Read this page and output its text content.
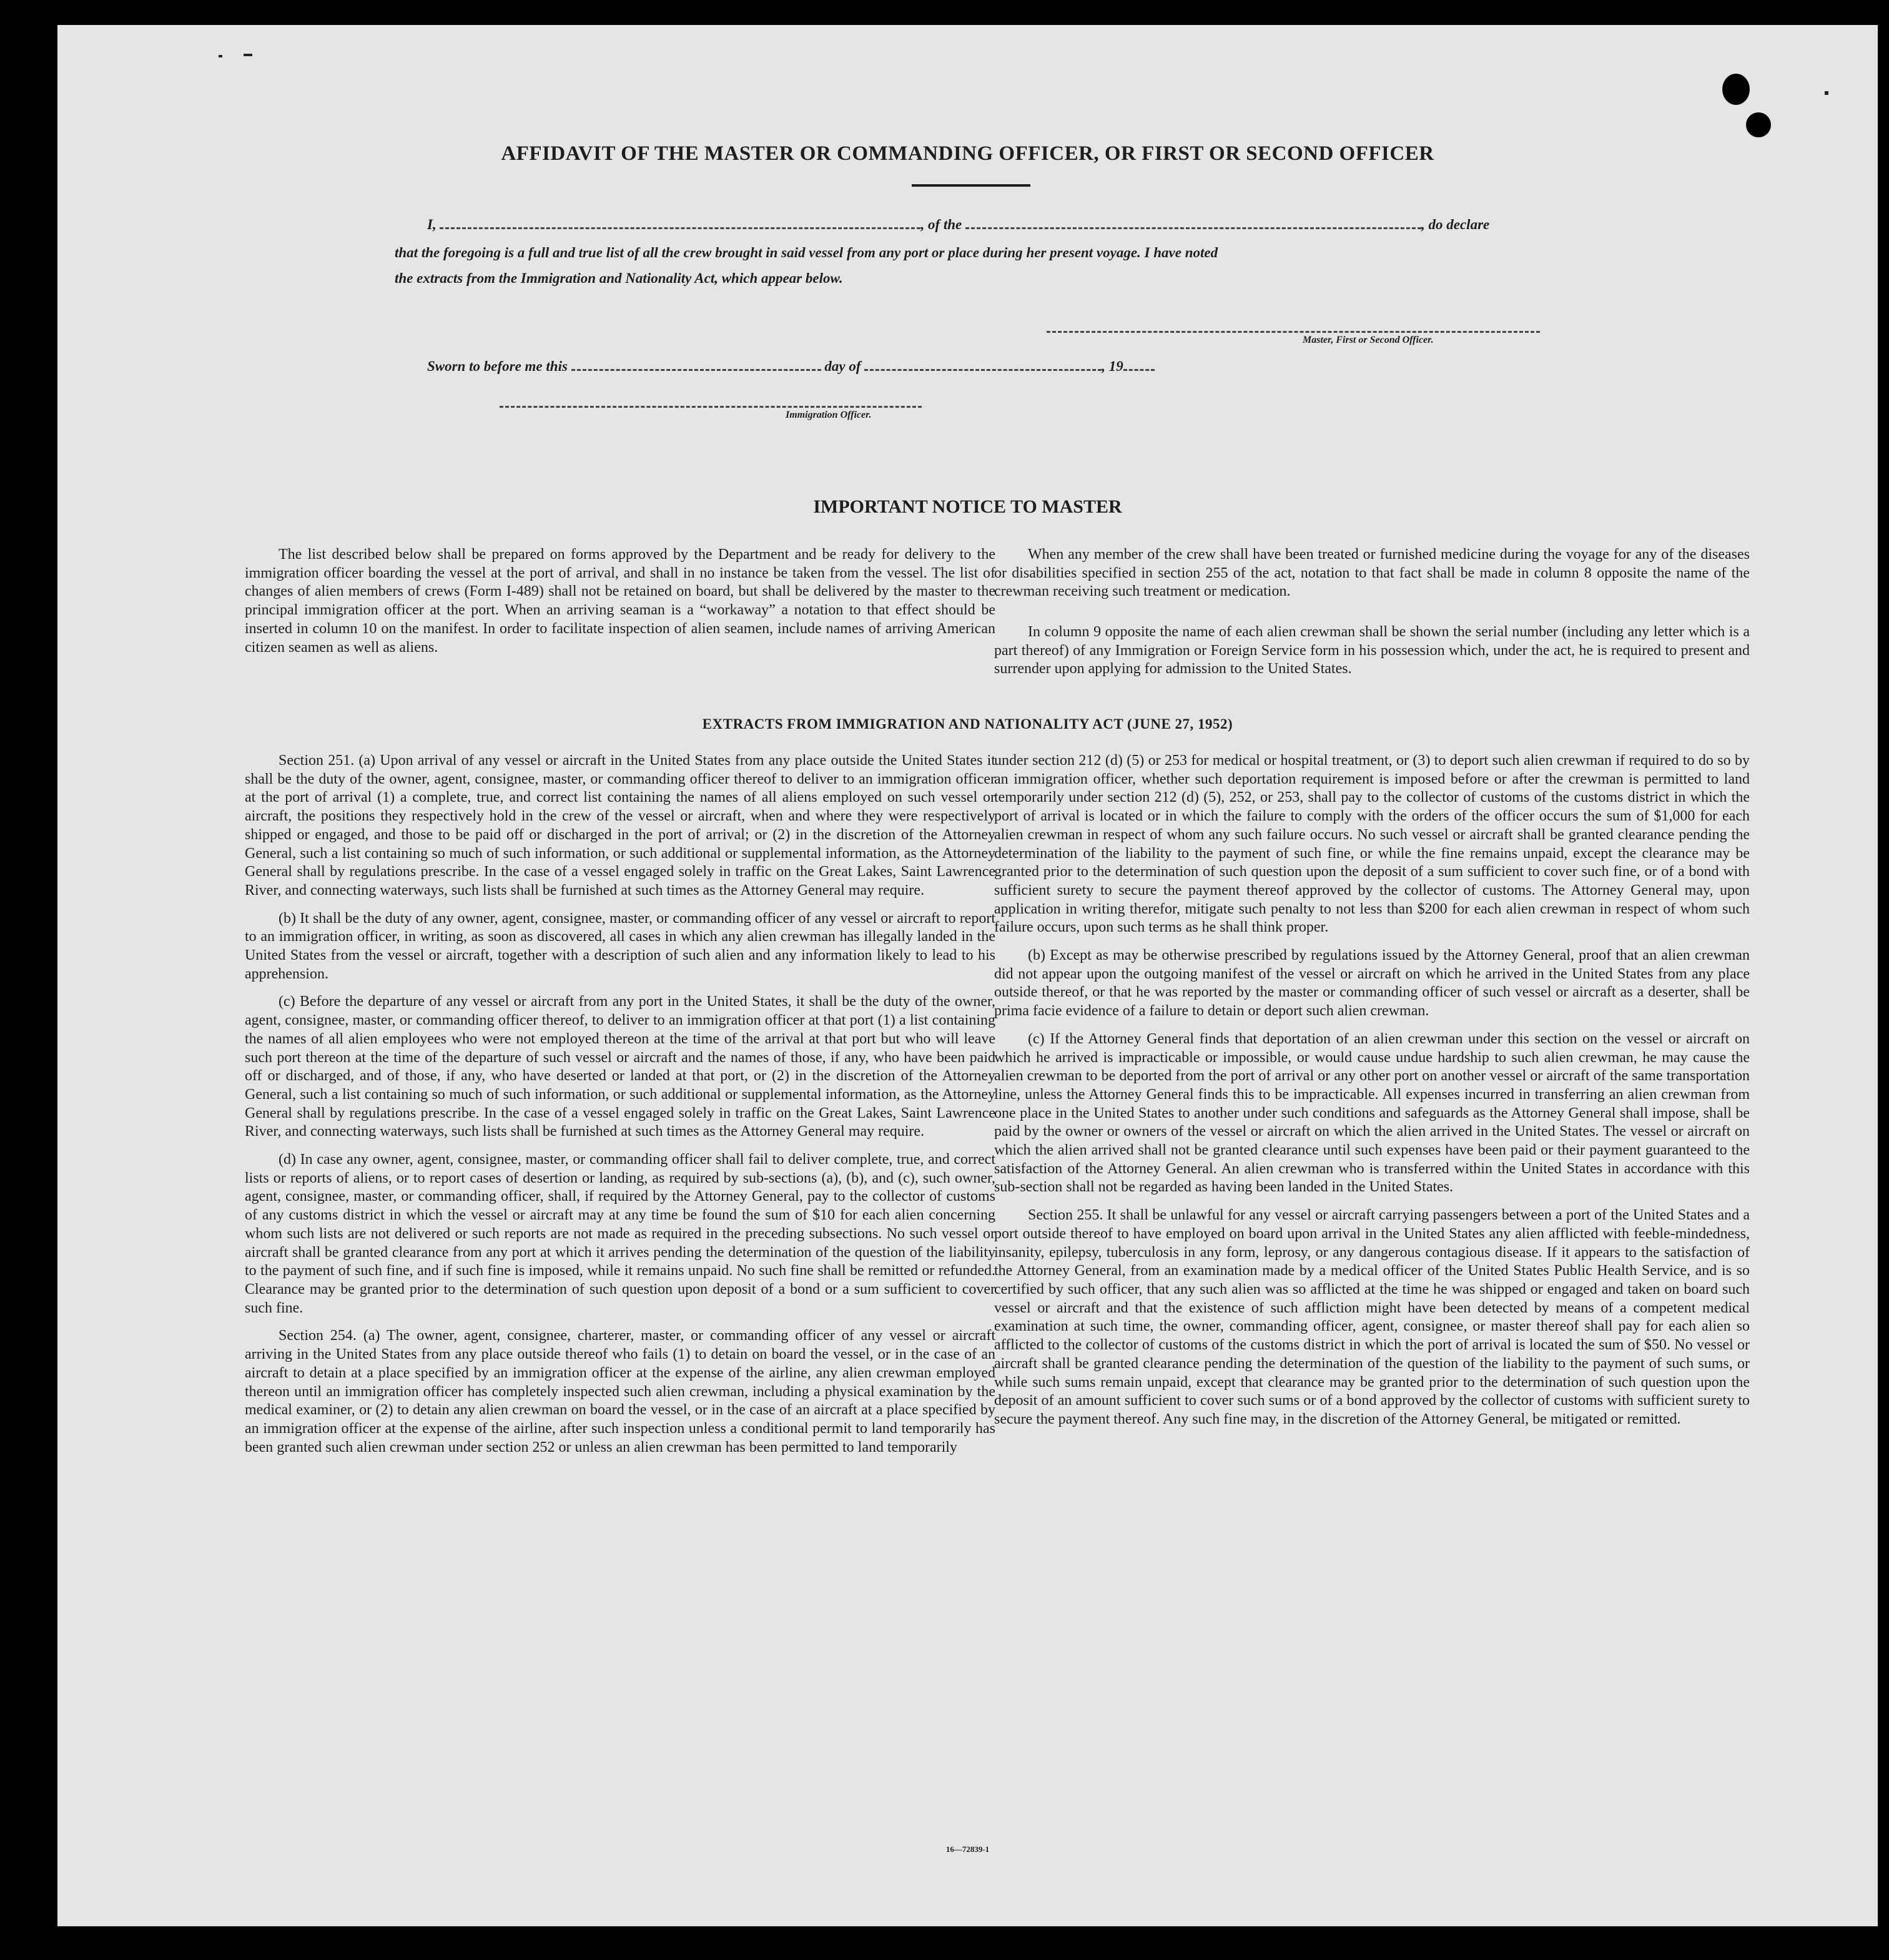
AFFIDAVIT OF THE MASTER OR COMMANDING OFFICER, OR FIRST OR SECOND OFFICER
I,	, of the	, do declare
that the foregoing is a full and true list of all the crew brought in said vessel from any port or place during her present voyage. I have noted
the extracts from the Immigration and Nationality Act, which appear below.
Master, First or Second Officer.
Sworn to before me this	day of	, 19
Immigration Officer.
IMPORTANT NOTICE TO MASTER

The list described below shall be prepared on forms approved by the Department and be ready for delivery to the immigration officer boarding the vessel at the port of arrival, and shall in no instance be taken from the vessel. The list of changes of alien members of crews (Form I-489) shall not be retained on board, but shall be delivered by the master to the principal immigration officer at the port. When an arriving seaman is a “workaway” a notation to that effect should be inserted in column 10 on the manifest. In order to facilitate inspection of alien seamen, include names of arriving American citizen seamen as well as aliens.

When any member of the crew shall have been treated or furnished medicine during the voyage for any of the diseases or disabilities specified in section 255 of the act, notation to that fact shall be made in column 8 opposite the name of the crewman receiving such treatment or medication.

In column 9 opposite the name of each alien crewman shall be shown the serial number (including any letter which is a part thereof) of any Immigration or Foreign Service form in his possession which, under the act, he is required to present and surrender upon applying for admission to the United States.

EXTRACTS FROM IMMIGRATION AND NATIONALITY ACT (JUNE 27, 1952)

Section 251. (a) Upon arrival of any vessel or aircraft in the United States from any place outside the United States it shall be the duty of the owner, agent, consignee, master, or commanding officer thereof to deliver to an immigration officer at the port of arrival (1) a complete, true, and correct list containing the names of all aliens employed on such vessel or aircraft, the positions they respectively hold in the crew of the vessel or aircraft, when and where they were respectively shipped or engaged, and those to be paid off or discharged in the port of arrival; or (2) in the discretion of the Attorney General, such a list containing so much of such information, or such additional or supplemental information, as the Attorney General shall by regulations prescribe. In the case of a vessel engaged solely in traffic on the Great Lakes, Saint Lawrence River, and connecting waterways, such lists shall be furnished at such times as the Attorney General may require.

(b) It shall be the duty of any owner, agent, consignee, master, or commanding officer of any vessel or aircraft to report to an immigration officer, in writing, as soon as discovered, all cases in which any alien crewman has illegally landed in the United States from the vessel or aircraft, together with a description of such alien and any information likely to lead to his apprehension.

(c) Before the departure of any vessel or aircraft from any port in the United States, it shall be the duty of the owner, agent, consignee, master, or commanding officer thereof, to deliver to an immigration officer at that port (1) a list containing the names of all alien employees who were not employed thereon at the time of the arrival at that port but who will leave such port thereon at the time of the departure of such vessel or aircraft and the names of those, if any, who have been paid off or discharged, and of those, if any, who have deserted or landed at that port, or (2) in the discretion of the Attorney General, such a list containing so much of such information, or such additional or supplemental information, as the Attorney General shall by regulations prescribe. In the case of a vessel engaged solely in traffic on the Great Lakes, Saint Lawrence River, and connecting waterways, such lists shall be furnished at such times as the Attorney General may require.

(d) In case any owner, agent, consignee, master, or commanding officer shall fail to deliver complete, true, and correct lists or reports of aliens, or to report cases of desertion or landing, as required by sub-sections (a), (b), and (c), such owner, agent, consignee, master, or commanding officer, shall, if required by the Attorney General, pay to the collector of customs of any customs district in which the vessel or aircraft may at any time be found the sum of $10 for each alien concerning whom such lists are not delivered or such reports are not made as required in the preceding subsections. No such vessel or aircraft shall be granted clearance from any port at which it arrives pending the determination of the question of the liability to the payment of such fine, and if such fine is imposed, while it remains unpaid. No such fine shall be remitted or refunded. Clearance may be granted prior to the determination of such question upon deposit of a bond or a sum sufficient to cover such fine.

Section 254. (a) The owner, agent, consignee, charterer, master, or commanding officer of any vessel or aircraft arriving in the United States from any place outside thereof who fails (1) to detain on board the vessel, or in the case of an aircraft to detain at a place specified by an immigration officer at the expense of the airline, any alien crewman employed thereon until an immigration officer has completely inspected such alien crewman, including a physical examination by the medical examiner, or (2) to detain any alien crewman on board the vessel, or in the case of an aircraft at a place specified by an immigration officer at the expense of the airline, after such inspection unless a conditional permit to land temporarily has been granted such alien crewman under section 252 or unless an alien crewman has been permitted to land temporarily

under section 212 (d) (5) or 253 for medical or hospital treatment, or (3) to deport such alien crewman if required to do so by an immigration officer, whether such deportation requirement is imposed before or after the crewman is permitted to land temporarily under section 212 (d) (5), 252, or 253, shall pay to the collector of customs of the customs district in which the port of arrival is located or in which the failure to comply with the orders of the officer occurs the sum of $1,000 for each alien crewman in respect of whom any such failure occurs. No such vessel or aircraft shall be granted clearance pending the determination of the liability to the payment of such fine, or while the fine remains unpaid, except the clearance may be granted prior to the determination of such question upon the deposit of a sum sufficient to cover such fine, or of a bond with sufficient surety to secure the payment thereof approved by the collector of customs. The Attorney General may, upon application in writing therefor, mitigate such penalty to not less than $200 for each alien crewman in respect of whom such failure occurs, upon such terms as he shall think proper.

(b) Except as may be otherwise prescribed by regulations issued by the Attorney General, proof that an alien crewman did not appear upon the outgoing manifest of the vessel or aircraft on which he arrived in the United States from any place outside thereof, or that he was reported by the master or commanding officer of such vessel or aircraft as a deserter, shall be prima facie evidence of a failure to detain or deport such alien crewman.

(c) If the Attorney General finds that deportation of an alien crewman under this section on the vessel or aircraft on which he arrived is impracticable or impossible, or would cause undue hardship to such alien crewman, he may cause the alien crewman to be deported from the port of arrival or any other port on another vessel or aircraft of the same transportation line, unless the Attorney General finds this to be impracticable. All expenses incurred in transferring an alien crewman from one place in the United States to another under such conditions and safeguards as the Attorney General shall impose, shall be paid by the owner or owners of the vessel or aircraft on which the alien arrived in the United States. The vessel or aircraft on which the alien arrived shall not be granted clearance until such expenses have been paid or their payment guaranteed to the satisfaction of the Attorney General. An alien crewman who is transferred within the United States in accordance with this sub-section shall not be regarded as having been landed in the United States.

Section 255. It shall be unlawful for any vessel or aircraft carrying passengers between a port of the United States and a port outside thereof to have employed on board upon arrival in the United States any alien afflicted with feeble-mindedness, insanity, epilepsy, tuberculosis in any form, leprosy, or any dangerous contagious disease. If it appears to the satisfaction of the Attorney General, from an examination made by a medical officer of the United States Public Health Service, and is so certified by such officer, that any such alien was so afflicted at the time he was shipped or engaged and taken on board such vessel or aircraft and that the existence of such affliction might have been detected by means of a competent medical examination at such time, the owner, commanding officer, agent, consignee, or master thereof shall pay for each alien so afflicted to the collector of customs of the customs district in which the port of arrival is located the sum of $50. No vessel or aircraft shall be granted clearance pending the determination of the question of the liability to the payment of such sums, or while such sums remain unpaid, except that clearance may be granted prior to the determination of such question upon the deposit of an amount sufficient to cover such sums or of a bond approved by the collector of customs with sufficient surety to secure the payment thereof. Any such fine may, in the discretion of the Attorney General, be mitigated or remitted.

16—72839-1
